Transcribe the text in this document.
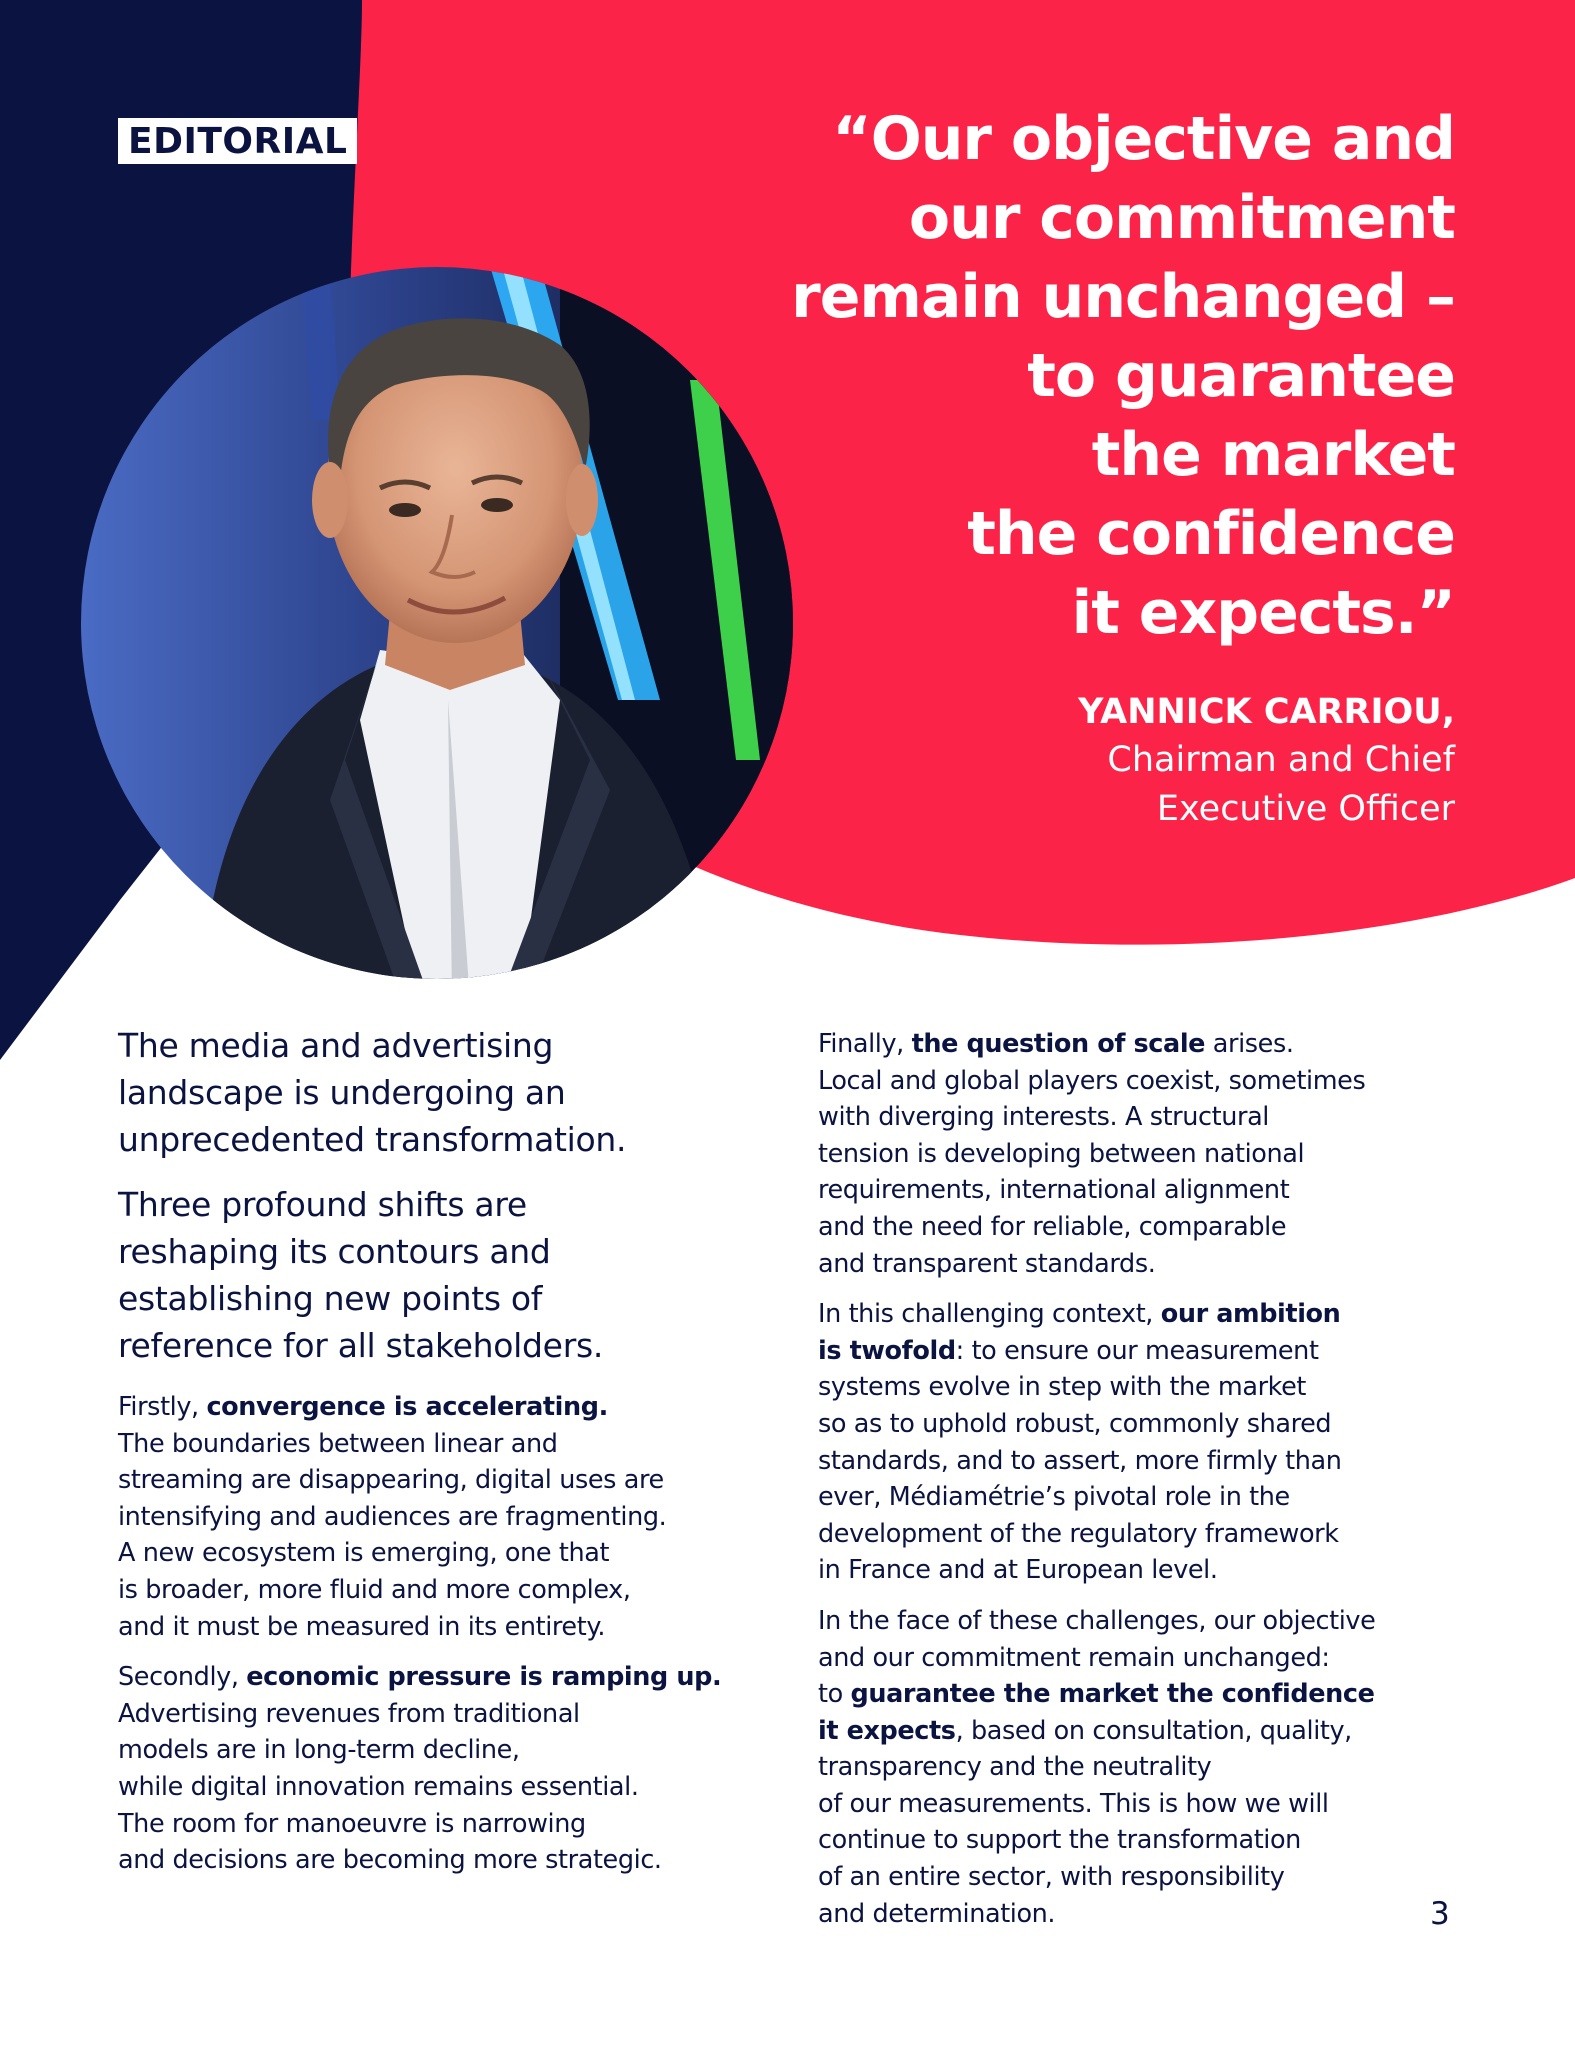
EDITORIAL	“Our objective and
our commitment
remain unchanged –
to guarantee
the market
the confidence
it expects.”
YANNICK CARRIOU,
Chairman and Chief
Executive Officer

The media and advertising
landscape is undergoing an
unprecedented transformation.

Three profound shifts are
reshaping its contours and
establishing new points of
reference for all stakeholders.

Firstly, convergence is accelerating.
The boundaries between linear and
streaming are disappearing, digital uses are
intensifying and audiences are fragmenting.
A new ecosystem is emerging, one that
is broader, more fluid and more complex,
and it must be measured in its entirety.

Secondly, economic pressure is ramping up.
Advertising revenues from traditional
models are in long-term decline,
while digital innovation remains essential.
The room for manoeuvre is narrowing
and decisions are becoming more strategic.

Finally, the question of scale arises.
Local and global players coexist, sometimes
with diverging interests. A structural
tension is developing between national
requirements, international alignment
and the need for reliable, comparable
and transparent standards.

In this challenging context, our ambition
is twofold: to ensure our measurement
systems evolve in step with the market
so as to uphold robust, commonly shared
standards, and to assert, more firmly than
ever, Médiamétrie’s pivotal role in the
development of the regulatory framework
in France and at European level.

In the face of these challenges, our objective
and our commitment remain unchanged:
to guarantee the market the confidence
it expects, based on consultation, quality,
transparency and the neutrality
of our measurements. This is how we will
continue to support the transformation
of an entire sector, with responsibility
and determination.	3
